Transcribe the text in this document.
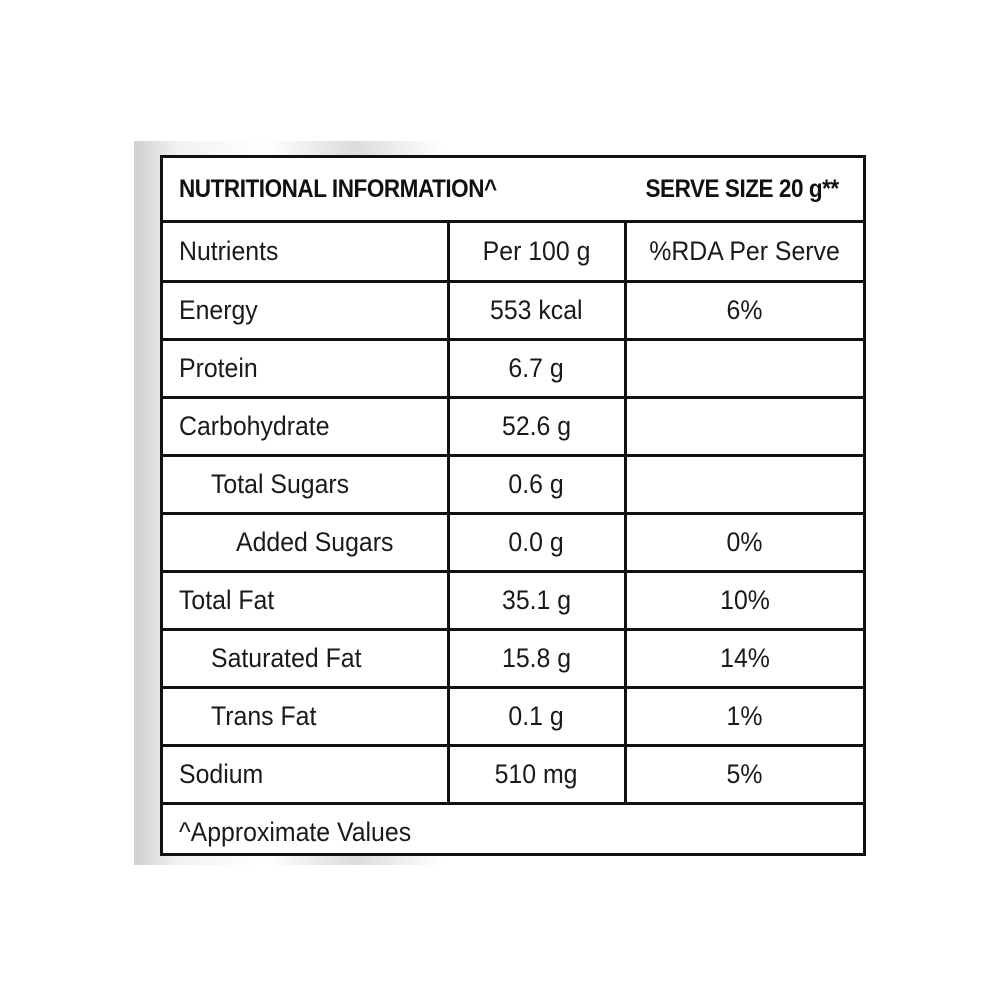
NUTRITIONAL INFORMATION^	SERVE SIZE 20 g**
Nutrients	Per 100 g	%RDA Per Serve
Energy	553 kcal	6%
Protein	6.7 g	
Carbohydrate	52.6 g	
Total Sugars	0.6 g	
Added Sugars	0.0 g	0%
Total Fat	35.1 g	10%
Saturated Fat	15.8 g	14%
Trans Fat	0.1 g	1%
Sodium	510 mg	5%
^Approximate Values		
